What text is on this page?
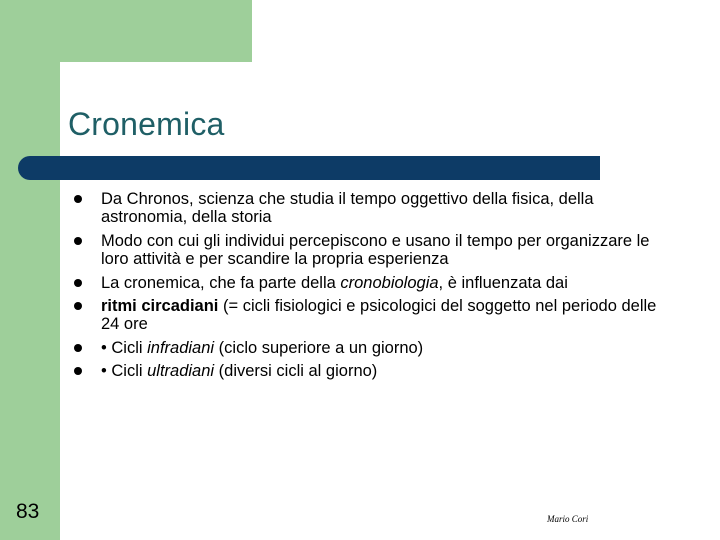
Cronemica
Da Chronos, scienza che studia il tempo oggettivo della fisica, della astronomia, della storia
Modo con cui gli individui percepiscono e usano il tempo per organizzare le loro attività e per scandire la propria esperienza
La cronemica, che fa parte della cronobiologia, è influenzata dai
ritmi circadiani (= cicli fisiologici e psicologici del soggetto nel periodo delle 24 ore
• Cicli infradiani (ciclo superiore a un giorno)
• Cicli ultradiani (diversi cicli al giorno)
83	Mario Cori
